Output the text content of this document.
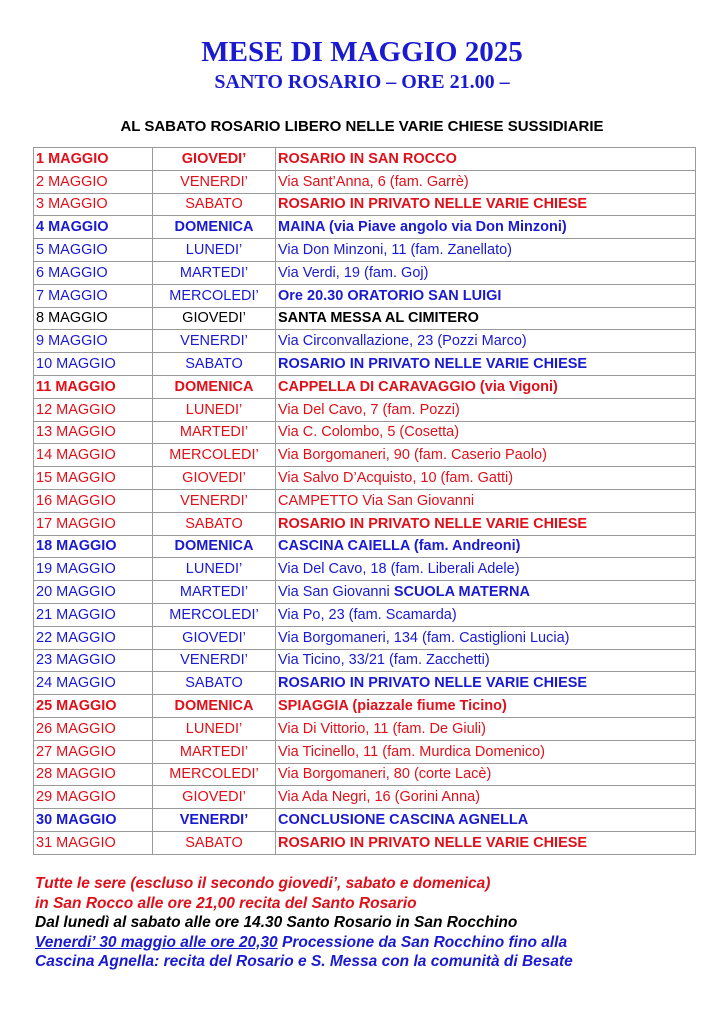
MESE DI MAGGIO 2025
SANTO ROSARIO – ORE 21.00 –
AL SABATO ROSARIO LIBERO NELLE VARIE CHIESE SUSSIDIARIE
1 MAGGIO	GIOVEDI’	ROSARIO IN SAN ROCCO
2 MAGGIO	VENERDI’	Via Sant’Anna, 6 (fam. Garrè)
3 MAGGIO	SABATO	ROSARIO IN PRIVATO NELLE VARIE CHIESE
4 MAGGIO	DOMENICA	MAINA (via Piave angolo via Don Minzoni)
5 MAGGIO	LUNEDI’	Via Don Minzoni, 11 (fam. Zanellato)
6 MAGGIO	MARTEDI’	Via Verdi, 19 (fam. Goj)
7 MAGGIO	MERCOLEDI’	Ore 20.30 ORATORIO SAN LUIGI
8 MAGGIO	GIOVEDI’	SANTA MESSA AL CIMITERO
9 MAGGIO	VENERDI’	Via Circonvallazione, 23 (Pozzi Marco)
10 MAGGIO	SABATO	ROSARIO IN PRIVATO NELLE VARIE CHIESE
11 MAGGIO	DOMENICA	CAPPELLA DI CARAVAGGIO (via Vigoni)
12 MAGGIO	LUNEDI’	Via Del Cavo, 7 (fam. Pozzi)
13 MAGGIO	MARTEDI’	Via C. Colombo, 5 (Cosetta)
14 MAGGIO	MERCOLEDI’	Via Borgomaneri, 90 (fam. Caserio Paolo)
15 MAGGIO	GIOVEDI’	Via Salvo D’Acquisto, 10 (fam. Gatti)
16 MAGGIO	VENERDI’	CAMPETTO Via San Giovanni
17 MAGGIO	SABATO	ROSARIO IN PRIVATO NELLE VARIE CHIESE
18 MAGGIO	DOMENICA	CASCINA CAIELLA (fam. Andreoni)
19 MAGGIO	LUNEDI’	Via Del Cavo, 18 (fam. Liberali Adele)
20 MAGGIO	MARTEDI’	Via San Giovanni SCUOLA MATERNA
21 MAGGIO	MERCOLEDI’	Via Po, 23 (fam. Scamarda)
22 MAGGIO	GIOVEDI’	Via Borgomaneri, 134 (fam. Castiglioni Lucia)
23 MAGGIO	VENERDI’	Via Ticino, 33/21 (fam. Zacchetti)
24 MAGGIO	SABATO	ROSARIO IN PRIVATO NELLE VARIE CHIESE
25 MAGGIO	DOMENICA	SPIAGGIA (piazzale fiume Ticino)
26 MAGGIO	LUNEDI’	Via Di Vittorio, 11 (fam. De Giuli)
27 MAGGIO	MARTEDI’	Via Ticinello, 11 (fam. Murdica Domenico)
28 MAGGIO	MERCOLEDI’	Via Borgomaneri, 80 (corte Lacè)
29 MAGGIO	GIOVEDI’	Via Ada Negri, 16 (Gorini Anna)
30 MAGGIO	VENERDI’	CONCLUSIONE CASCINA AGNELLA
31 MAGGIO	SABATO	ROSARIO IN PRIVATO NELLE VARIE CHIESE
Tutte le sere (escluso il secondo giovedi’, sabato e domenica)
in San Rocco alle ore 21,00 recita del Santo Rosario
Dal lunedì al sabato alle ore 14.30 Santo Rosario in San Rocchino
Venerdi’ 30 maggio alle ore 20,30 Processione da San Rocchino fino alla
Cascina Agnella: recita del Rosario e S. Messa con la comunità di Besate
